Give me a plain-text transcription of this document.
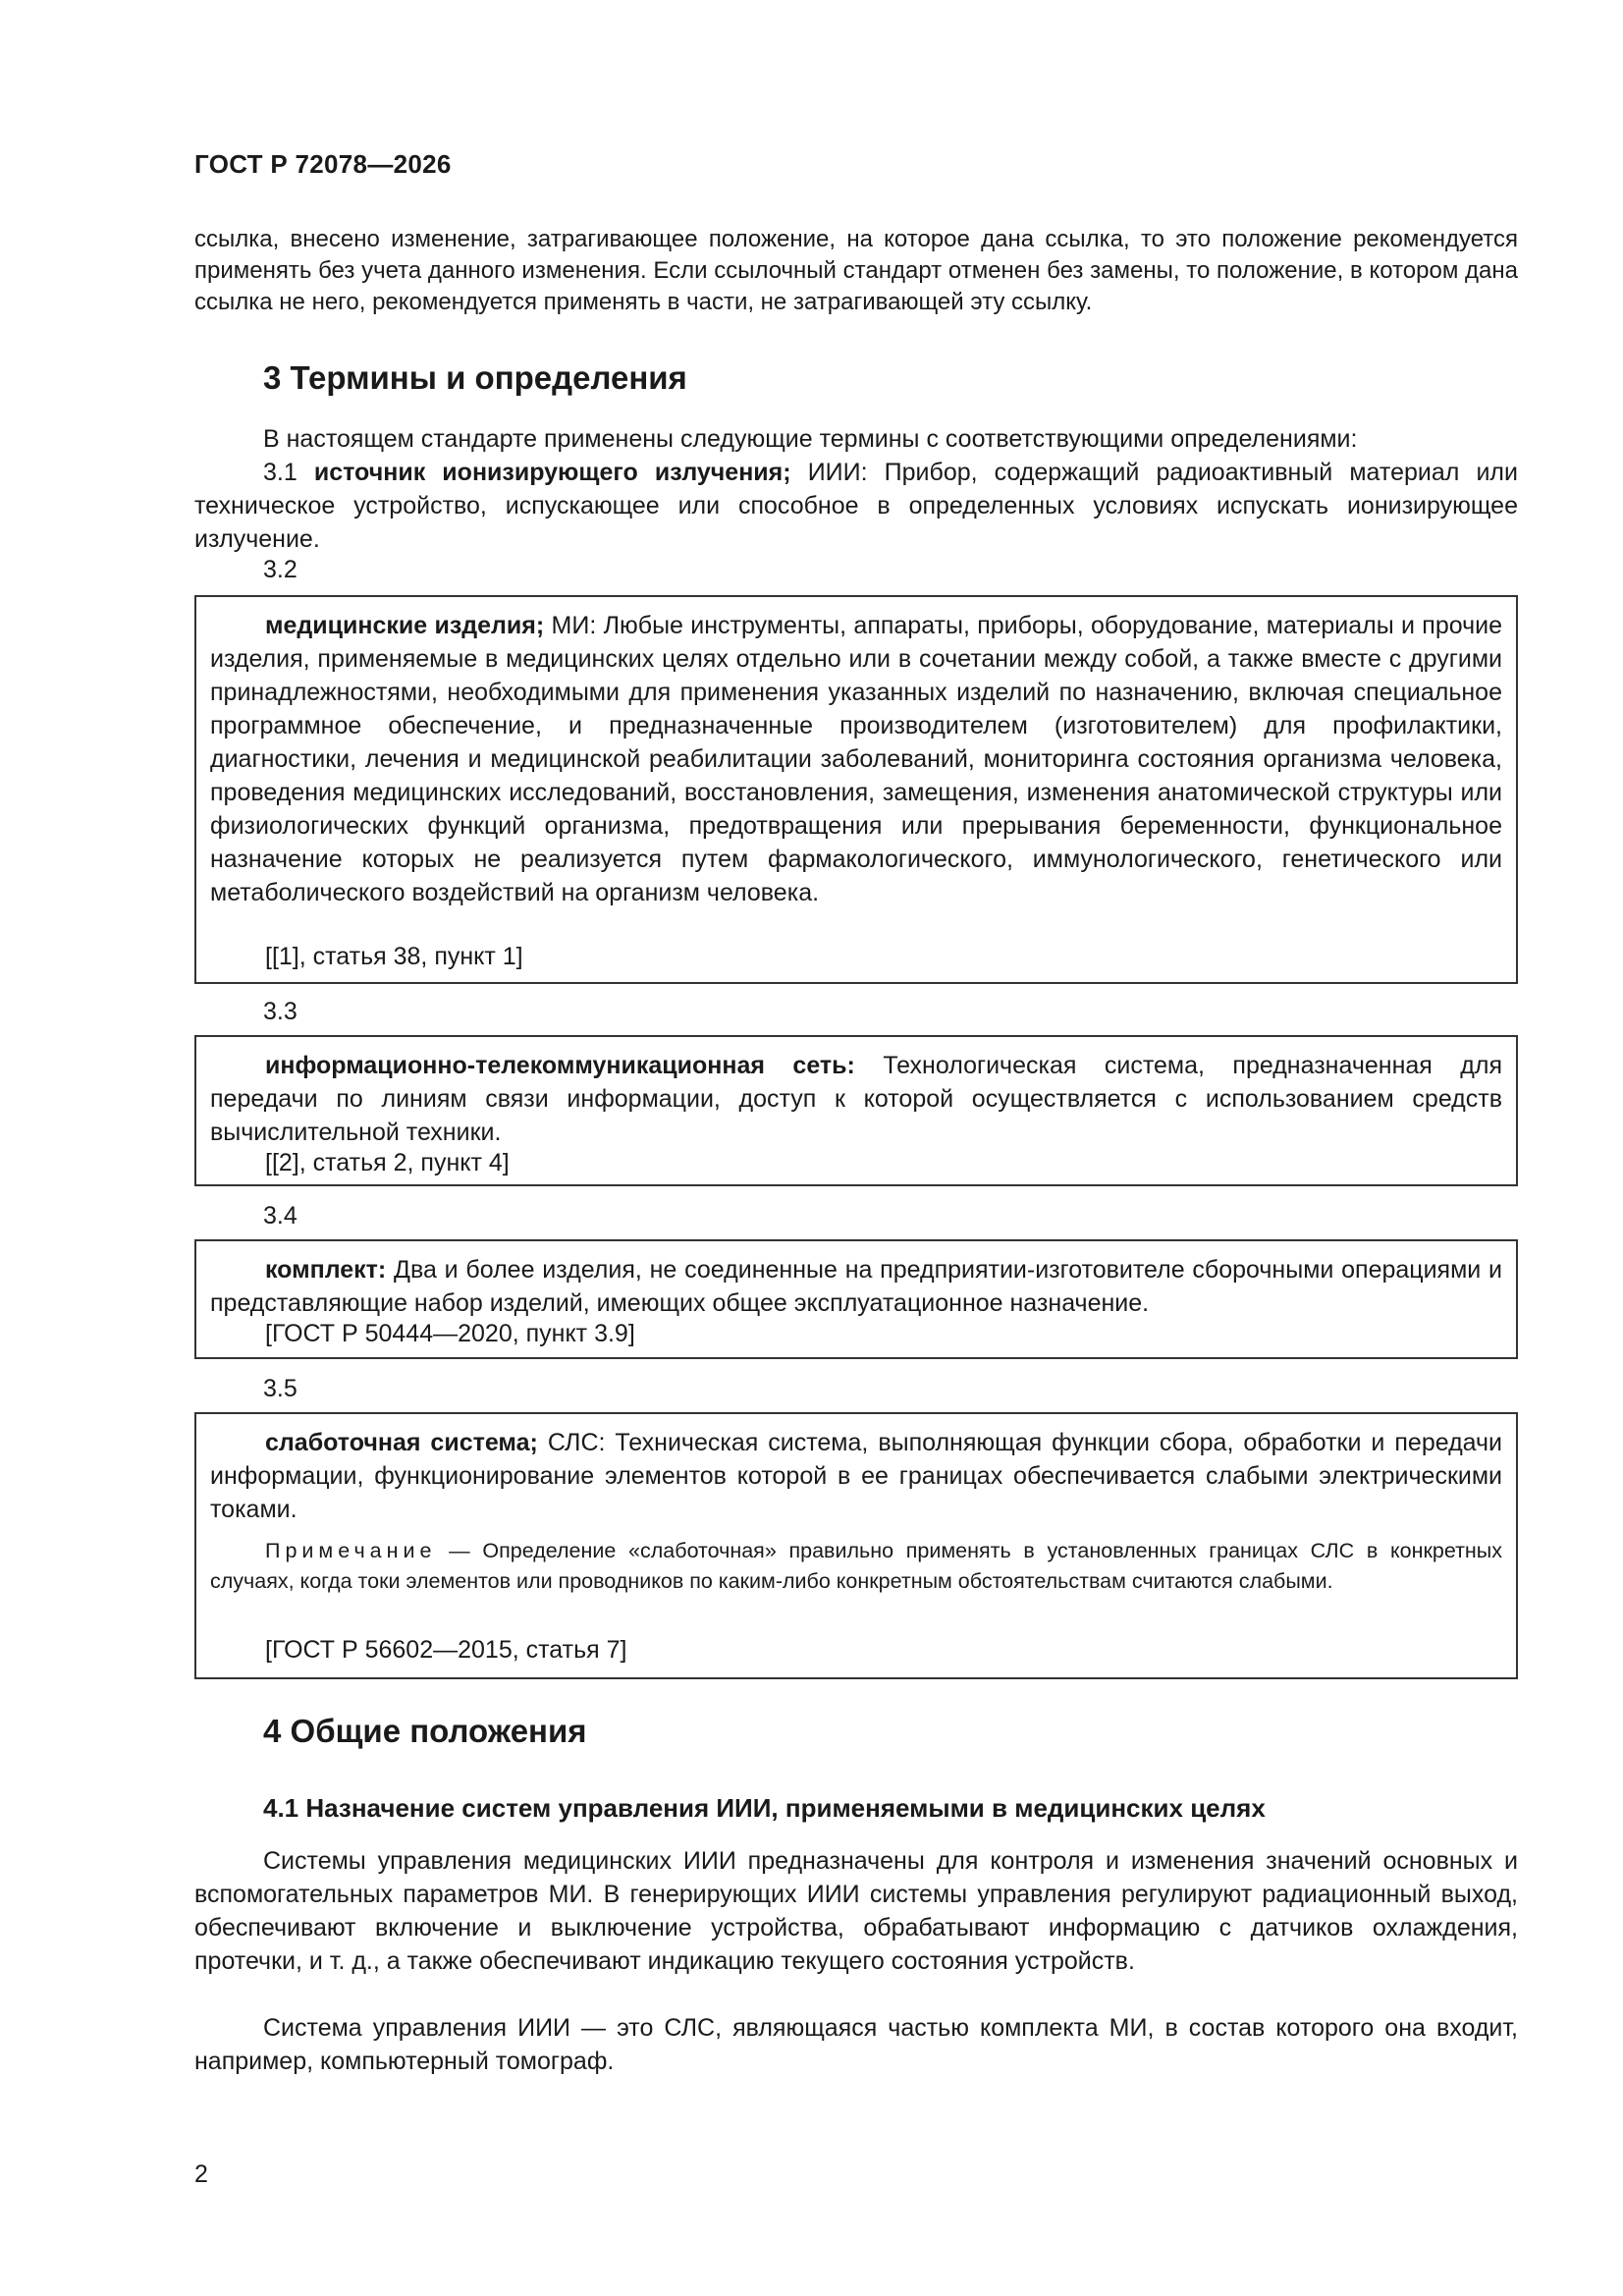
ГОСТ Р 72078—2026
ссылка, внесено изменение, затрагивающее положение, на которое дана ссылка, то это положение рекомендуется применять без учета данного изменения. Если ссылочный стандарт отменен без замены, то положение, в котором дана ссылка не него, рекомендуется применять в части, не затрагивающей эту ссылку.
3 Термины и определения
В настоящем стандарте применены следующие термины с соответствующими определениями:
3.1 источник ионизирующего излучения; ИИИ: Прибор, содержащий радиоактивный материал или техническое устройство, испускающее или способное в определенных условиях испускать ионизирующее излучение.
3.2
медицинские изделия; МИ: Любые инструменты, аппараты, приборы, оборудование, материалы и прочие изделия, применяемые в медицинских целях отдельно или в сочетании между собой, а также вместе с другими принадлежностями, необходимыми для применения указанных изделий по назначению, включая специальное программное обеспечение, и предназначенные производителем (изготовителем) для профилактики, диагностики, лечения и медицинской реабилитации заболеваний, мониторинга состояния организма человека, проведения медицинских исследований, восстановления, замещения, изменения анатомической структуры или физиологических функций организма, предотвращения или прерывания беременности, функциональное назначение которых не реализуется путем фармакологического, иммунологического, генетического или метаболического воздействий на организм человека.
[[1], статья 38, пункт 1]
3.3
информационно-телекоммуникационная сеть: Технологическая система, предназначенная для передачи по линиям связи информации, доступ к которой осуществляется с использованием средств вычислительной техники.
[[2], статья 2, пункт 4]
3.4
комплект: Два и более изделия, не соединенные на предприятии-изготовителе сборочными операциями и представляющие набор изделий, имеющих общее эксплуатационное назначение.
[ГОСТ Р 50444—2020, пункт 3.9]
3.5
слаботочная система; СЛС: Техническая система, выполняющая функции сбора, обработки и передачи информации, функционирование элементов которой в ее границах обеспечивается слабыми электрическими токами.
Примечание — Определение «слаботочная» правильно применять в установленных границах СЛС в конкретных случаях, когда токи элементов или проводников по каким-либо конкретным обстоятельствам считаются слабыми.
[ГОСТ Р 56602—2015, статья 7]
4 Общие положения
4.1 Назначение систем управления ИИИ, применяемыми в медицинских целях
Системы управления медицинских ИИИ предназначены для контроля и изменения значений основных и вспомогательных параметров МИ. В генерирующих ИИИ системы управления регулируют радиационный выход, обеспечивают включение и выключение устройства, обрабатывают информацию с датчиков охлаждения, протечки, и т. д., а также обеспечивают индикацию текущего состояния устройств.
Система управления ИИИ — это СЛС, являющаяся частью комплекта МИ, в состав которого она входит, например, компьютерный томограф.
2
